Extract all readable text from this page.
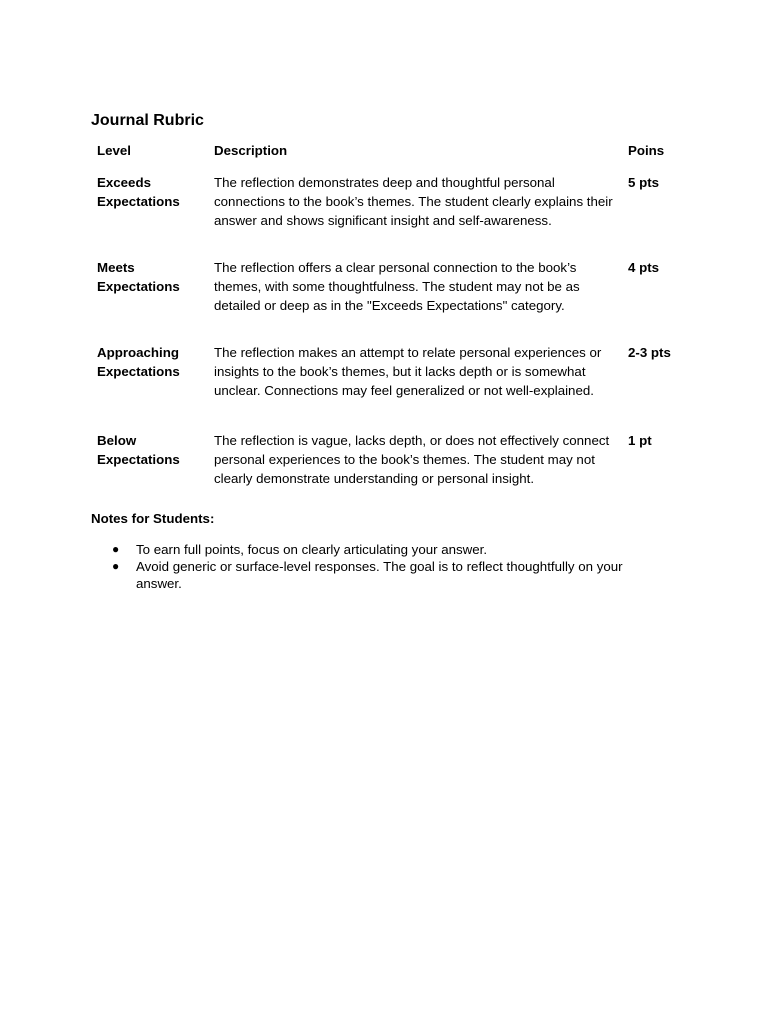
Journal Rubric
Level	Description	Poins
Exceeds Expectations	The reflection demonstrates deep and thoughtful personal connections to the book’s themes. The student clearly explains their answer and shows significant insight and self-awareness.	5 pts
Meets Expectations	The reflection offers a clear personal connection to the book’s themes, with some thoughtfulness. The student may not be as detailed or deep as in the "Exceeds Expectations" category.	4 pts
Approaching Expectations	The reflection makes an attempt to relate personal experiences or insights to the book’s themes, but it lacks depth or is somewhat unclear. Connections may feel generalized or not well-explained.	2-3 pts
Below Expectations	The reflection is vague, lacks depth, or does not effectively connect personal experiences to the book’s themes. The student may not clearly demonstrate understanding or personal insight.	1 pt
Notes for Students:
● To earn full points, focus on clearly articulating your answer.
● Avoid generic or surface-level responses. The goal is to reflect thoughtfully on your answer.
